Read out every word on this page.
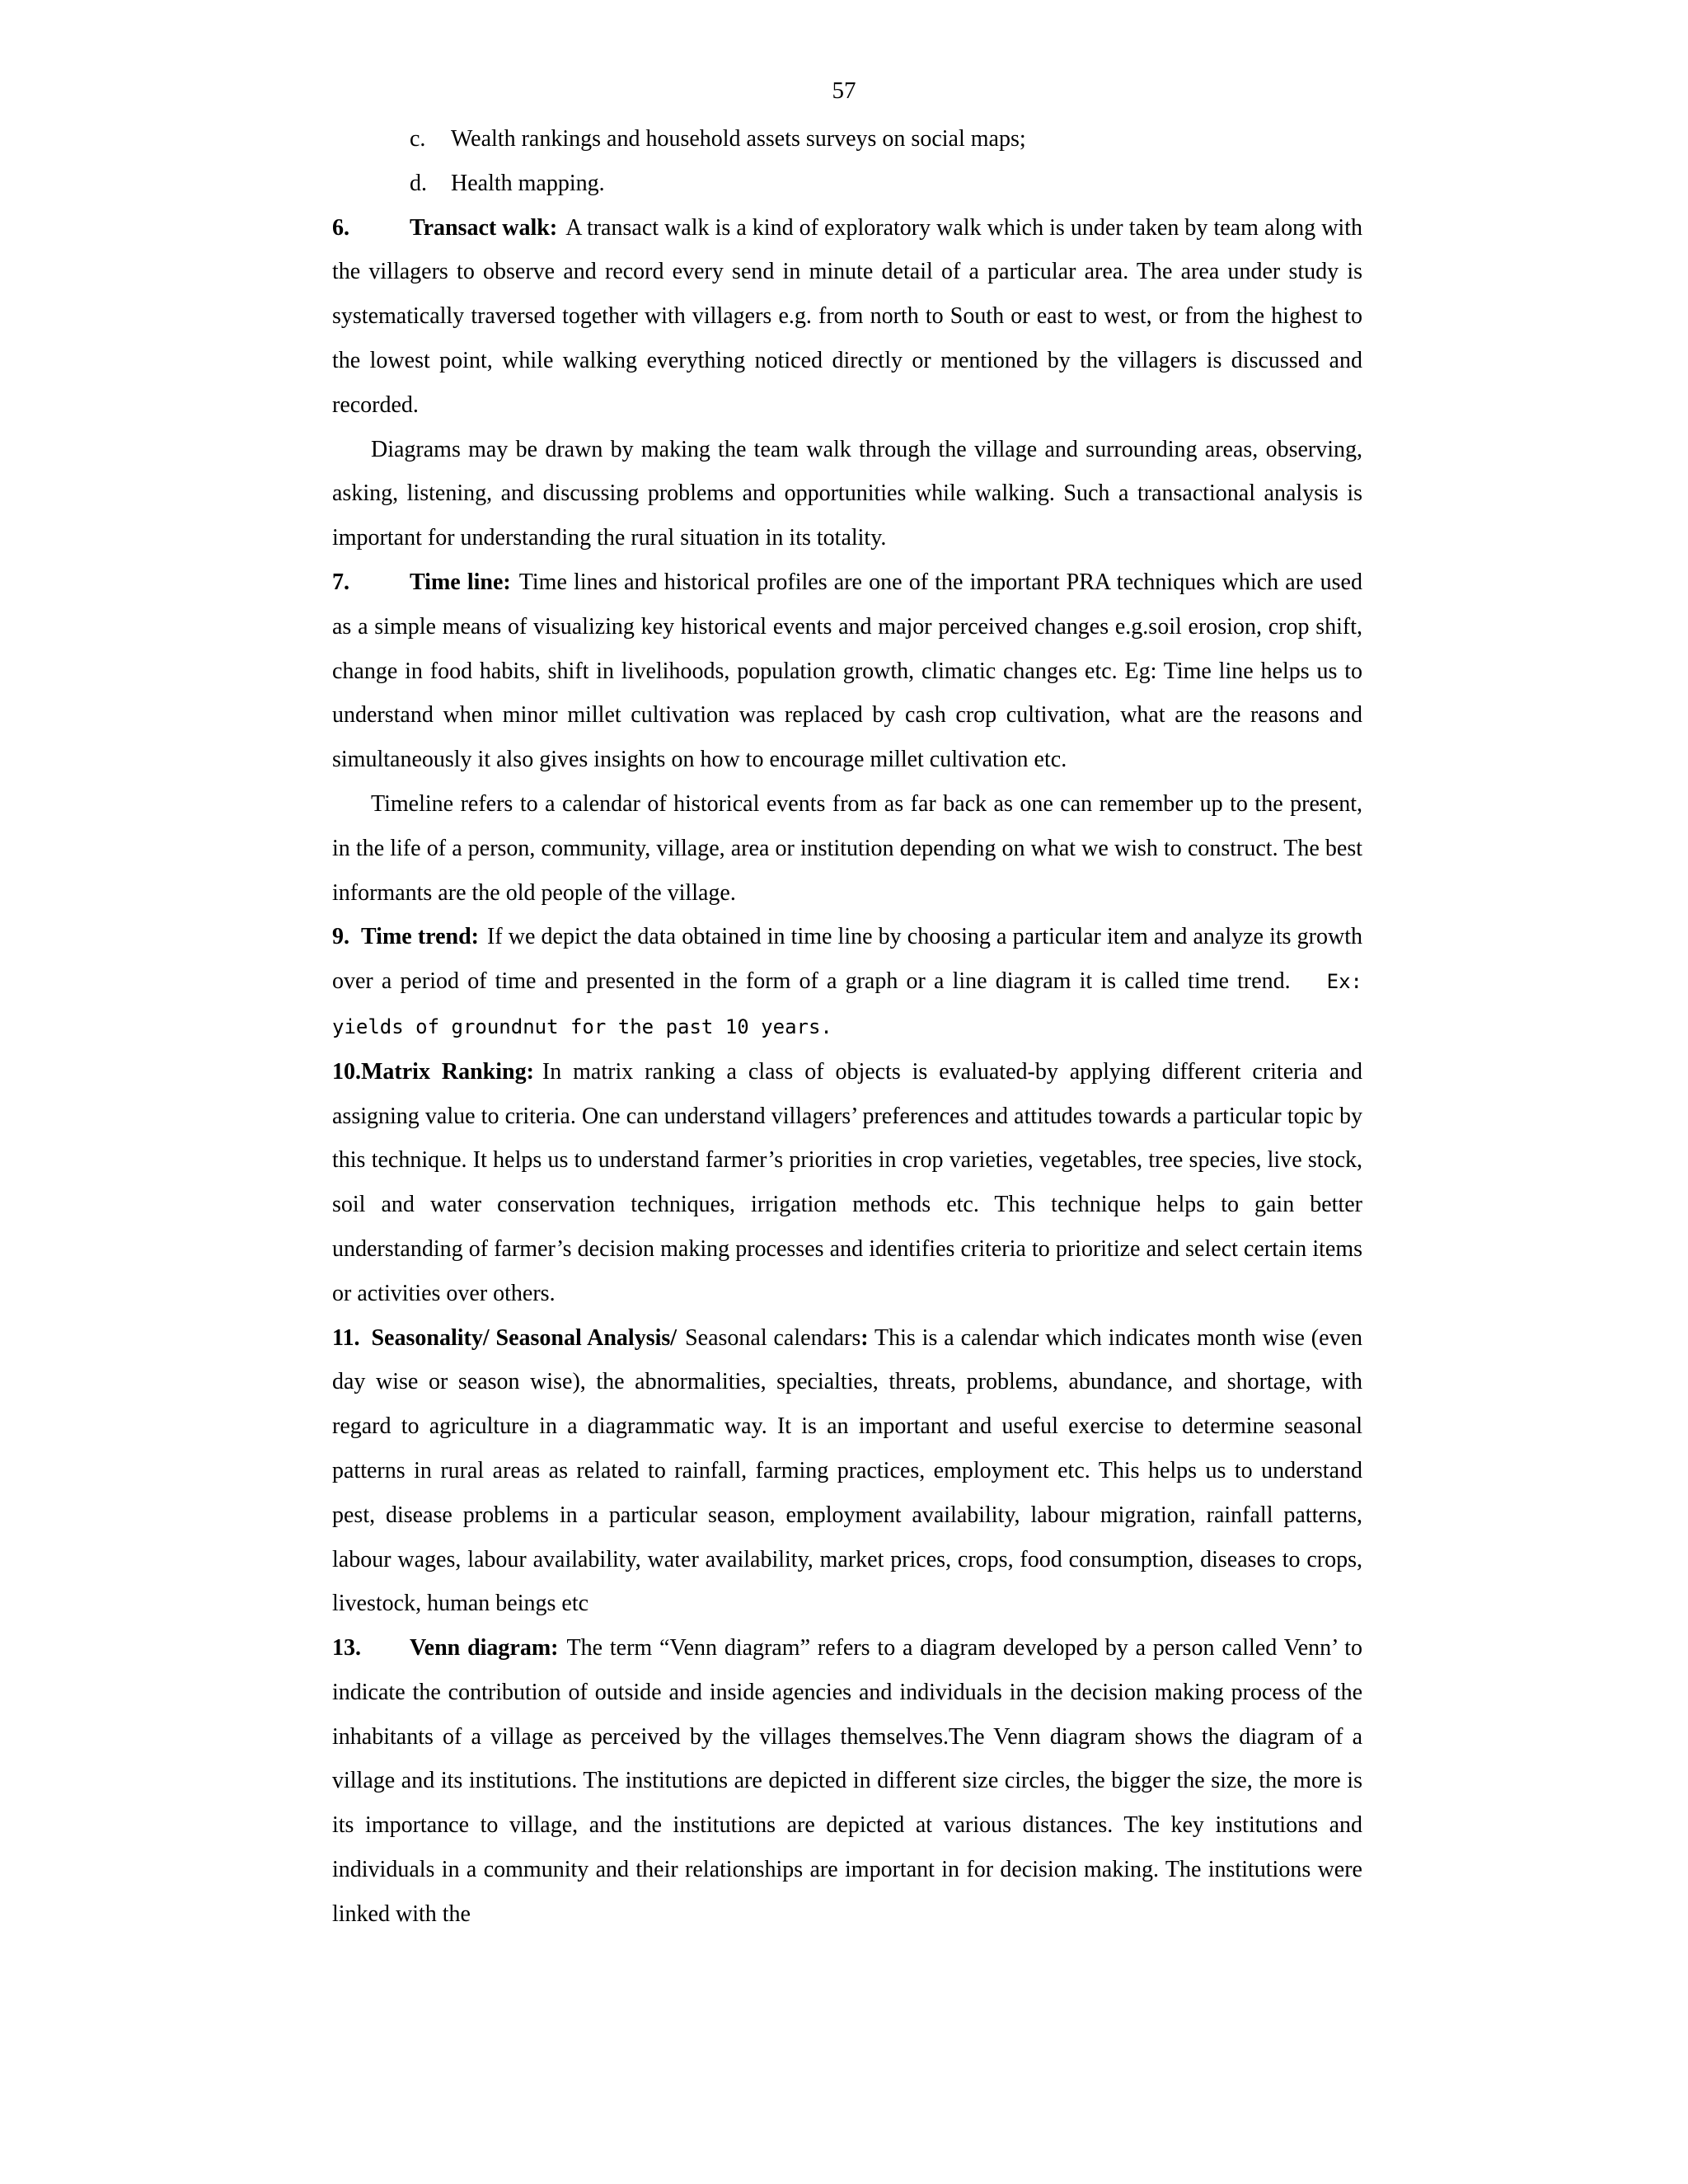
57

c. Wealth rankings and household assets surveys on social maps;

d. Health mapping.

6.	Transact walk: A transact walk is a kind of exploratory walk which is under taken by team along with the villagers to observe and record every send in minute detail of a particular area. The area under study is systematically traversed together with villagers e.g. from north to South or east to west, or from the highest to the lowest point, while walking everything noticed directly or mentioned by the villagers is discussed and recorded.

Diagrams may be drawn by making the team walk through the village and surrounding areas, observing, asking, listening, and discussing problems and opportunities while walking. Such a transactional analysis is important for understanding the rural situation in its totality.

7.	Time line: Time lines and historical profiles are one of the important PRA techniques which are used as a simple means of visualizing key historical events and major perceived changes e.g.soil erosion, crop shift, change in food habits, shift in livelihoods, population growth, climatic changes etc. Eg: Time line helps us to understand when minor millet cultivation was replaced by cash crop cultivation, what are the reasons and simultaneously it also gives insights on how to encourage millet cultivation etc.

Timeline refers to a calendar of historical events from as far back as one can remember up to the present, in the life of a person, community, village, area or institution depending on what we wish to construct. The best informants are the old people of the village.

9. Time trend: If we depict the data obtained in time line by choosing a particular item and analyze its growth over a period of time and presented in the form of a graph or a line diagram it is called time trend. Ex: yields of groundnut for the past 10 years.

10.Matrix Ranking: In matrix ranking a class of objects is evaluated-by applying different criteria and assigning value to criteria. One can understand villagers’ preferences and attitudes towards a particular topic by this technique. It helps us to understand farmer’s priorities in crop varieties, vegetables, tree species, live stock, soil and water conservation techniques, irrigation methods etc. This technique helps to gain better understanding of farmer’s decision making processes and identifies criteria to prioritize and select certain items or activities over others.

11. Seasonality/ Seasonal Analysis/ Seasonal calendars: This is a calendar which indicates month wise (even day wise or season wise), the abnormalities, specialties, threats, problems, abundance, and shortage, with regard to agriculture in a diagrammatic way. It is an important and useful exercise to determine seasonal patterns in rural areas as related to rainfall, farming practices, employment etc. This helps us to understand pest, disease problems in a particular season, employment availability, labour migration, rainfall patterns, labour wages, labour availability, water availability, market prices, crops, food consumption, diseases to crops, livestock, human beings etc

13. Venn diagram: The term “Venn diagram” refers to a diagram developed by a person called Venn’ to indicate the contribution of outside and inside agencies and individuals in the decision making process of the inhabitants of a village as perceived by the villages themselves.The Venn diagram shows the diagram of a village and its institutions. The institutions are depicted in different size circles, the bigger the size, the more is its importance to village, and the institutions are depicted at various distances. The key institutions and individuals in a community and their relationships are important in for decision making. The institutions were linked with the
